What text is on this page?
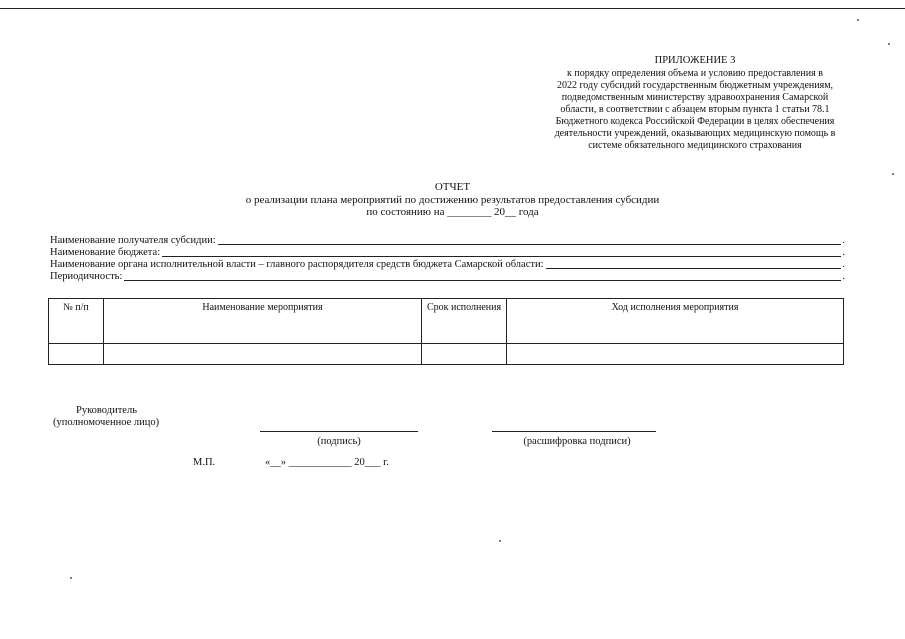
ПРИЛОЖЕНИЕ 3
к порядку определения объема и условию предоставления в
2022 году субсидий государственным бюджетным учреждениям,
подведомственным министерству здравоохранения Самарской
области, в соответствии с абзацем вторым пункта 1 статьи 78.1
Бюджетного кодекса Российской Федерации в целях обеспечения
деятельности учреждений, оказывающих медицинскую помощь в
системе обязательного медицинского страхования
ОТЧЕТ
о реализации плана мероприятий по достижению результатов предоставления субсидии
по состоянию на ________ 20__ года
Наименование получателя субсидии:	.
Наименование бюджета:	.
Наименование органа исполнительной власти – главного распорядителя средств бюджета Самарской области:	.
Периодичность:	.
№ п/п	Наименование мероприятия	Срок исполнения	Ход исполнения мероприятия

Руководитель
(уполномоченное лицо)
(подпись)	(расшифровка подписи)
М.П.	«__» ____________ 20___ г.
